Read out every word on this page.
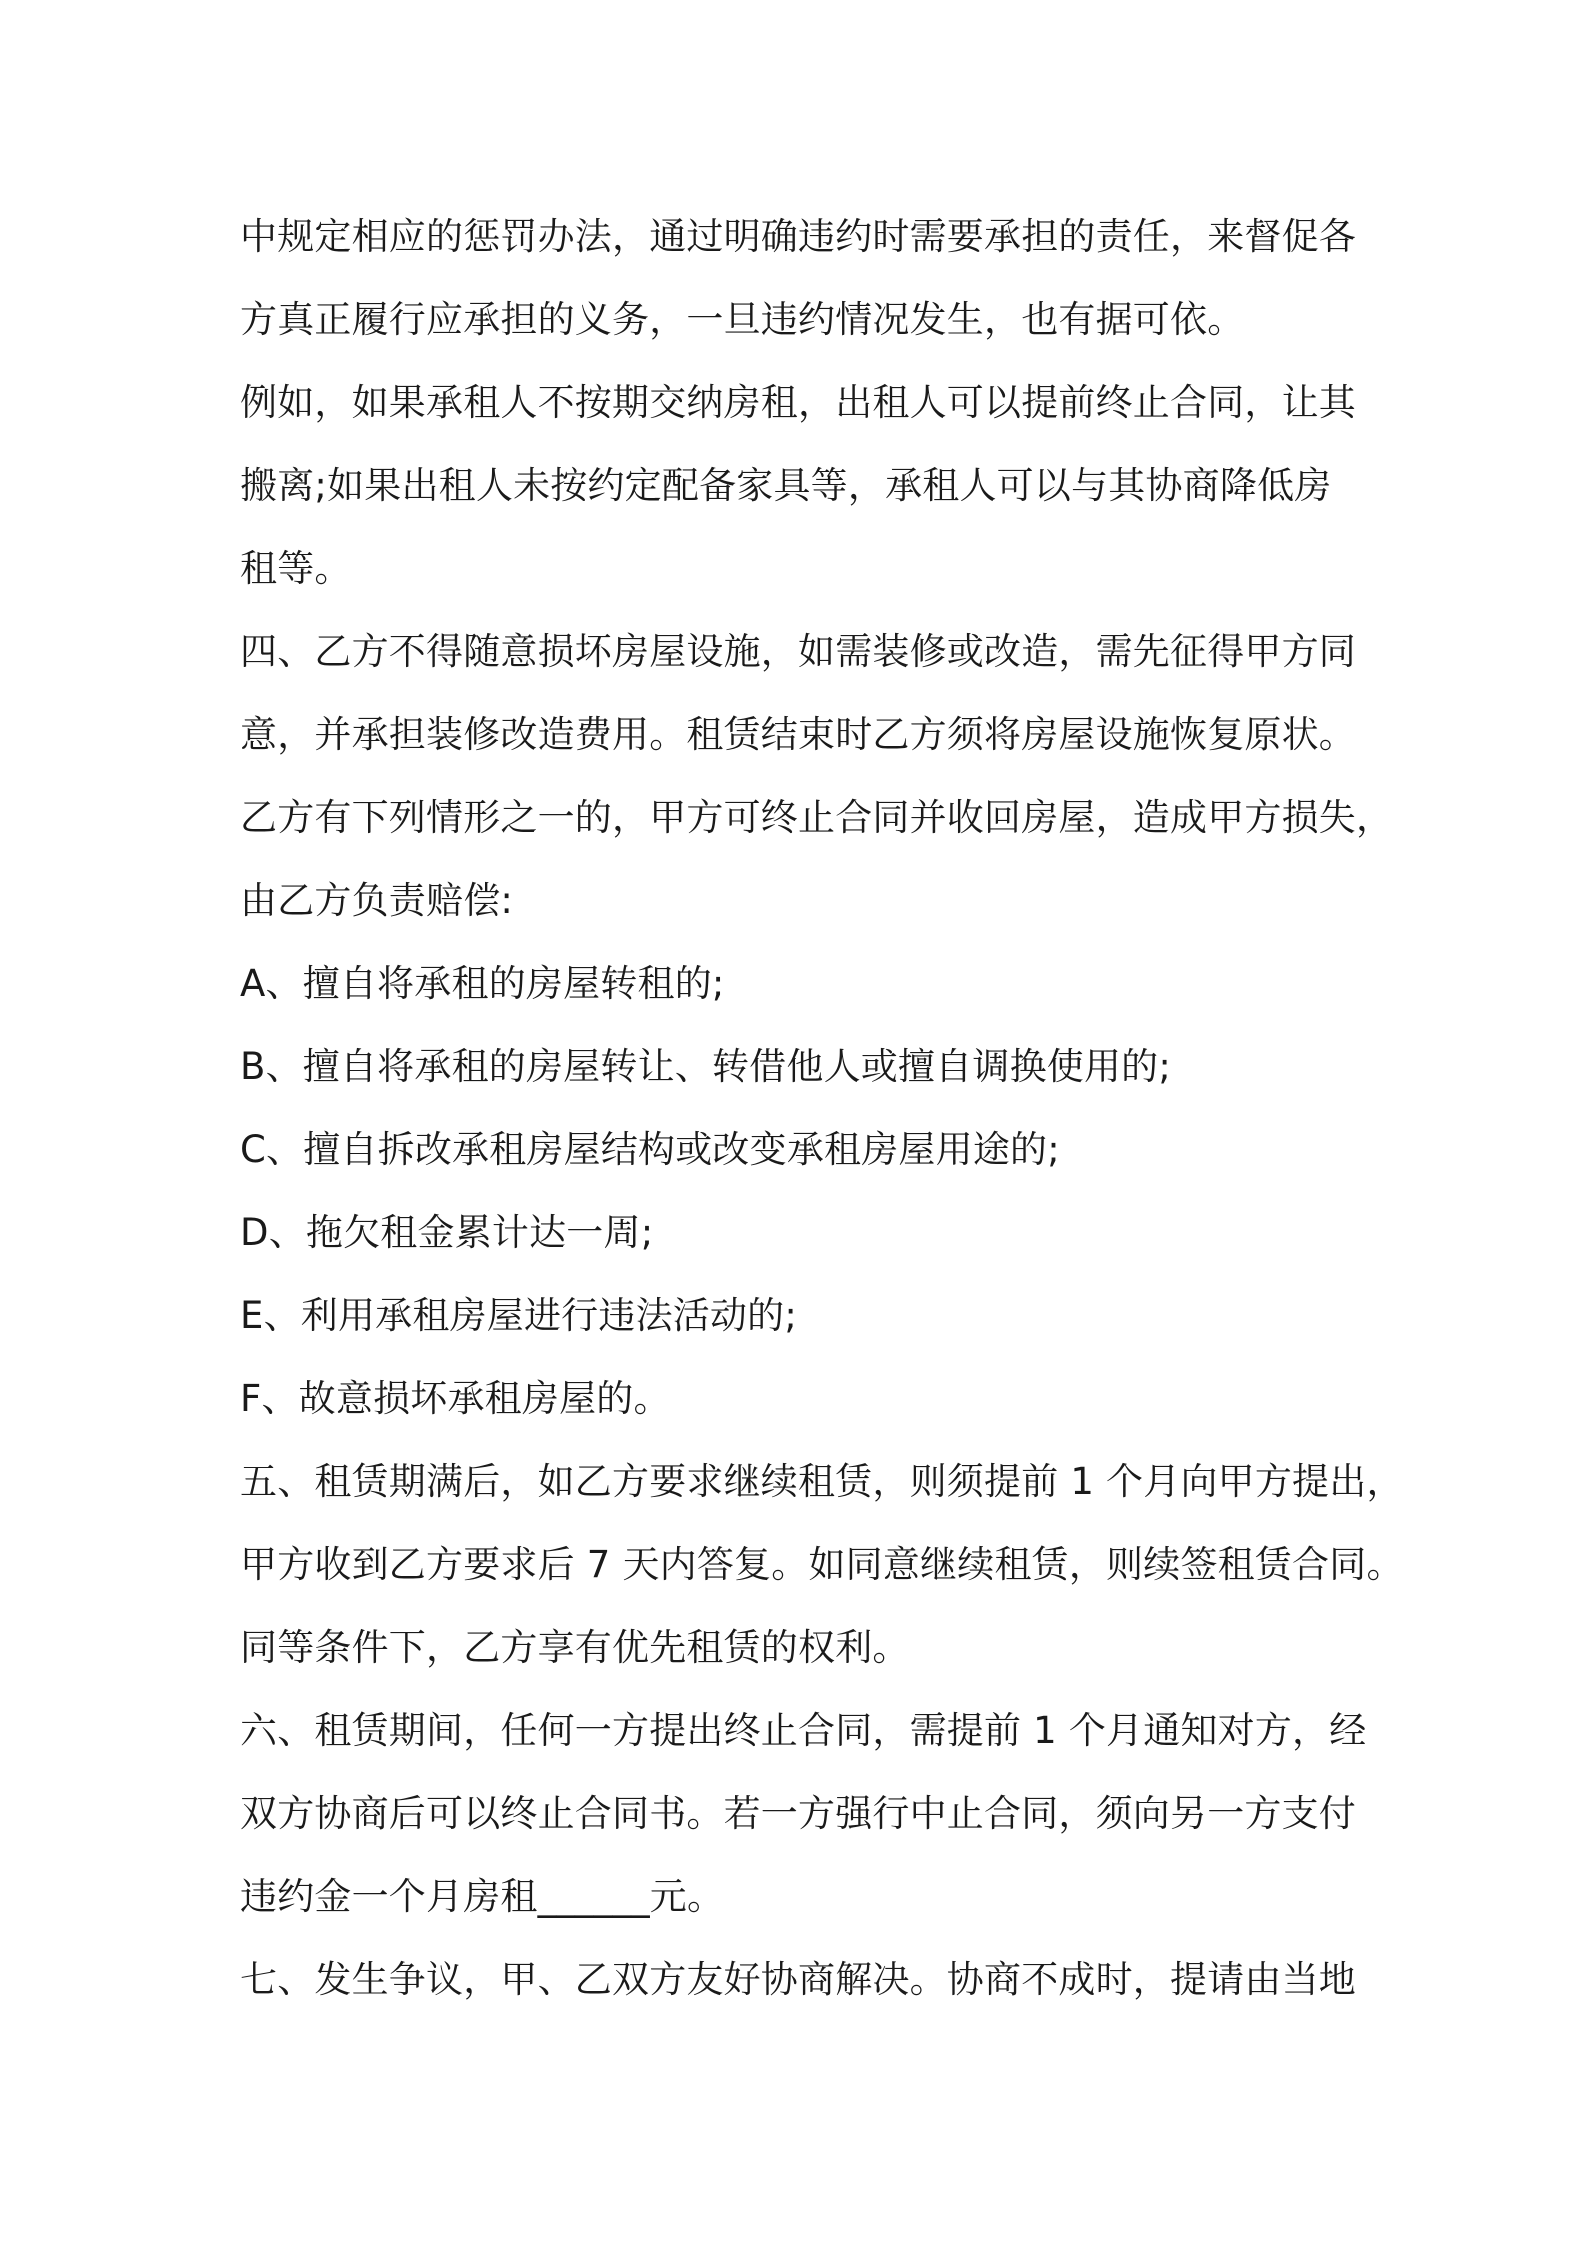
中规定相应的惩罚办法，通过明确违约时需要承担的责任，来督促各
方真正履行应承担的义务，一旦违约情况发生，也有据可依。
例如，如果承租人不按期交纳房租，出租人可以提前终止合同，让其
搬离;如果出租人未按约定配备家具等，承租人可以与其协商降低房
租等。
四、乙方不得随意损坏房屋设施，如需装修或改造，需先征得甲方同
意，并承担装修改造费用。租赁结束时乙方须将房屋设施恢复原状。
乙方有下列情形之一的，甲方可终止合同并收回房屋，造成甲方损失，
由乙方负责赔偿:
A、擅自将承租的房屋转租的;
B、擅自将承租的房屋转让、转借他人或擅自调换使用的;
C、擅自拆改承租房屋结构或改变承租房屋用途的;
D、拖欠租金累计达一周;
E、利用承租房屋进行违法活动的;
F、故意损坏承租房屋的。
五、租赁期满后，如乙方要求继续租赁，则须提前 1 个月向甲方提出，
甲方收到乙方要求后 7 天内答复。如同意继续租赁，则续签租赁合同。
同等条件下，乙方享有优先租赁的权利。
六、租赁期间，任何一方提出终止合同，需提前 1 个月通知对方，经
双方协商后可以终止合同书。若一方强行中止合同，须向另一方支付
违约金一个月房租______元。
七、发生争议，甲、乙双方友好协商解决。协商不成时，提请由当地
